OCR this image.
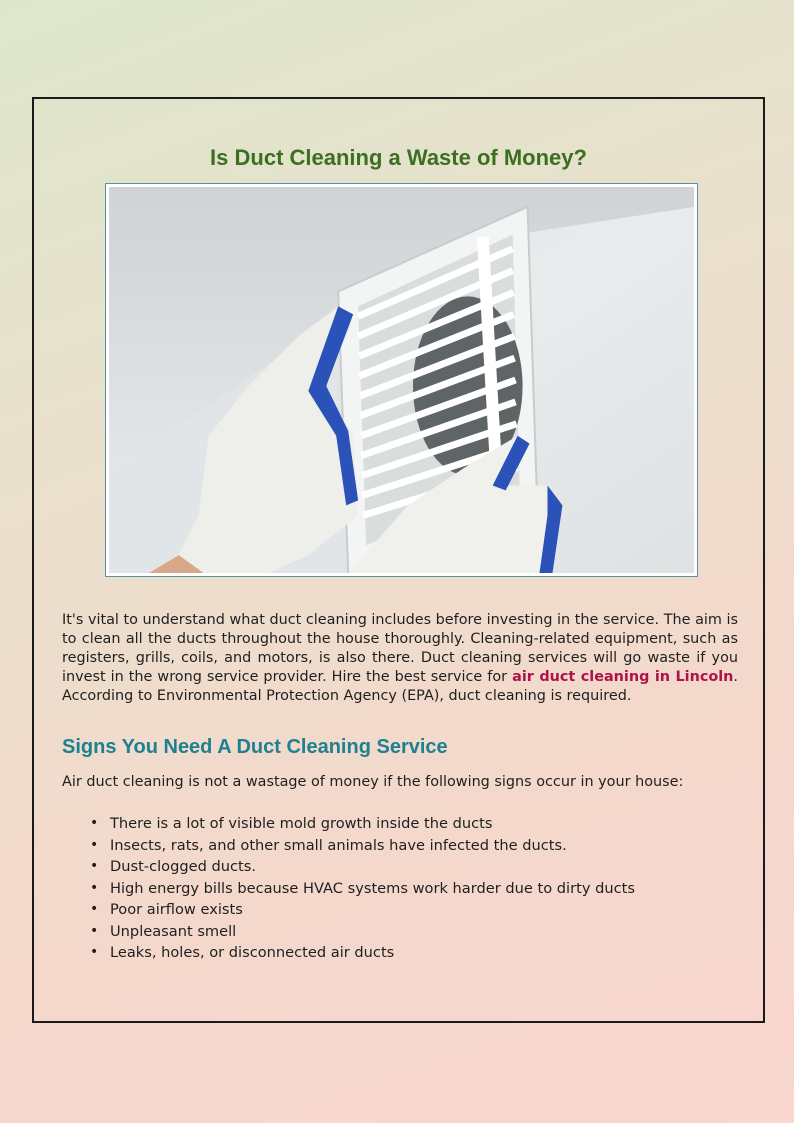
Is Duct Cleaning a Waste of Money?

It's vital to understand what duct cleaning includes before investing in the service. The aim is to clean all the ducts throughout the house thoroughly. Cleaning-related equipment, such as registers, grills, coils, and motors, is also there. Duct cleaning services will go waste if you invest in the wrong service provider. Hire the best service for air duct cleaning in Lincoln. According to Environmental Protection Agency (EPA), duct cleaning is required.

Signs You Need A Duct Cleaning Service

Air duct cleaning is not a wastage of money if the following signs occur in your house:

• There is a lot of visible mold growth inside the ducts
• Insects, rats, and other small animals have infected the ducts.
• Dust-clogged ducts.
• High energy bills because HVAC systems work harder due to dirty ducts
• Poor airflow exists
• Unpleasant smell
• Leaks, holes, or disconnected air ducts
